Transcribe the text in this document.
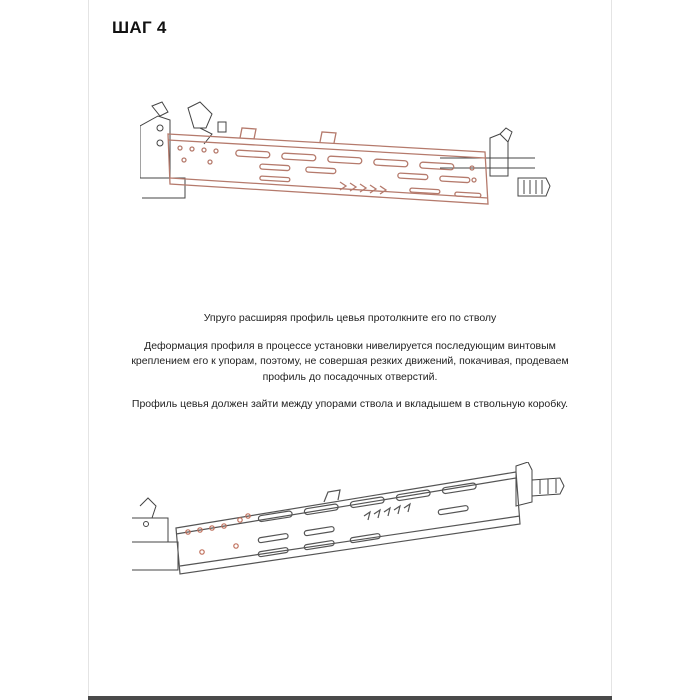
ШАГ 4

Упруго расширяя профиль цевья протолкните его по стволу

Деформация профиля в процессе установки нивелируется последующим винтовым креплением его к упорам, поэтому, не совершая резких движений, покачивая, продеваем профиль до посадочных отверстий.

Профиль цевья должен зайти между упорами ствола и вкладышем в ствольную коробку.
